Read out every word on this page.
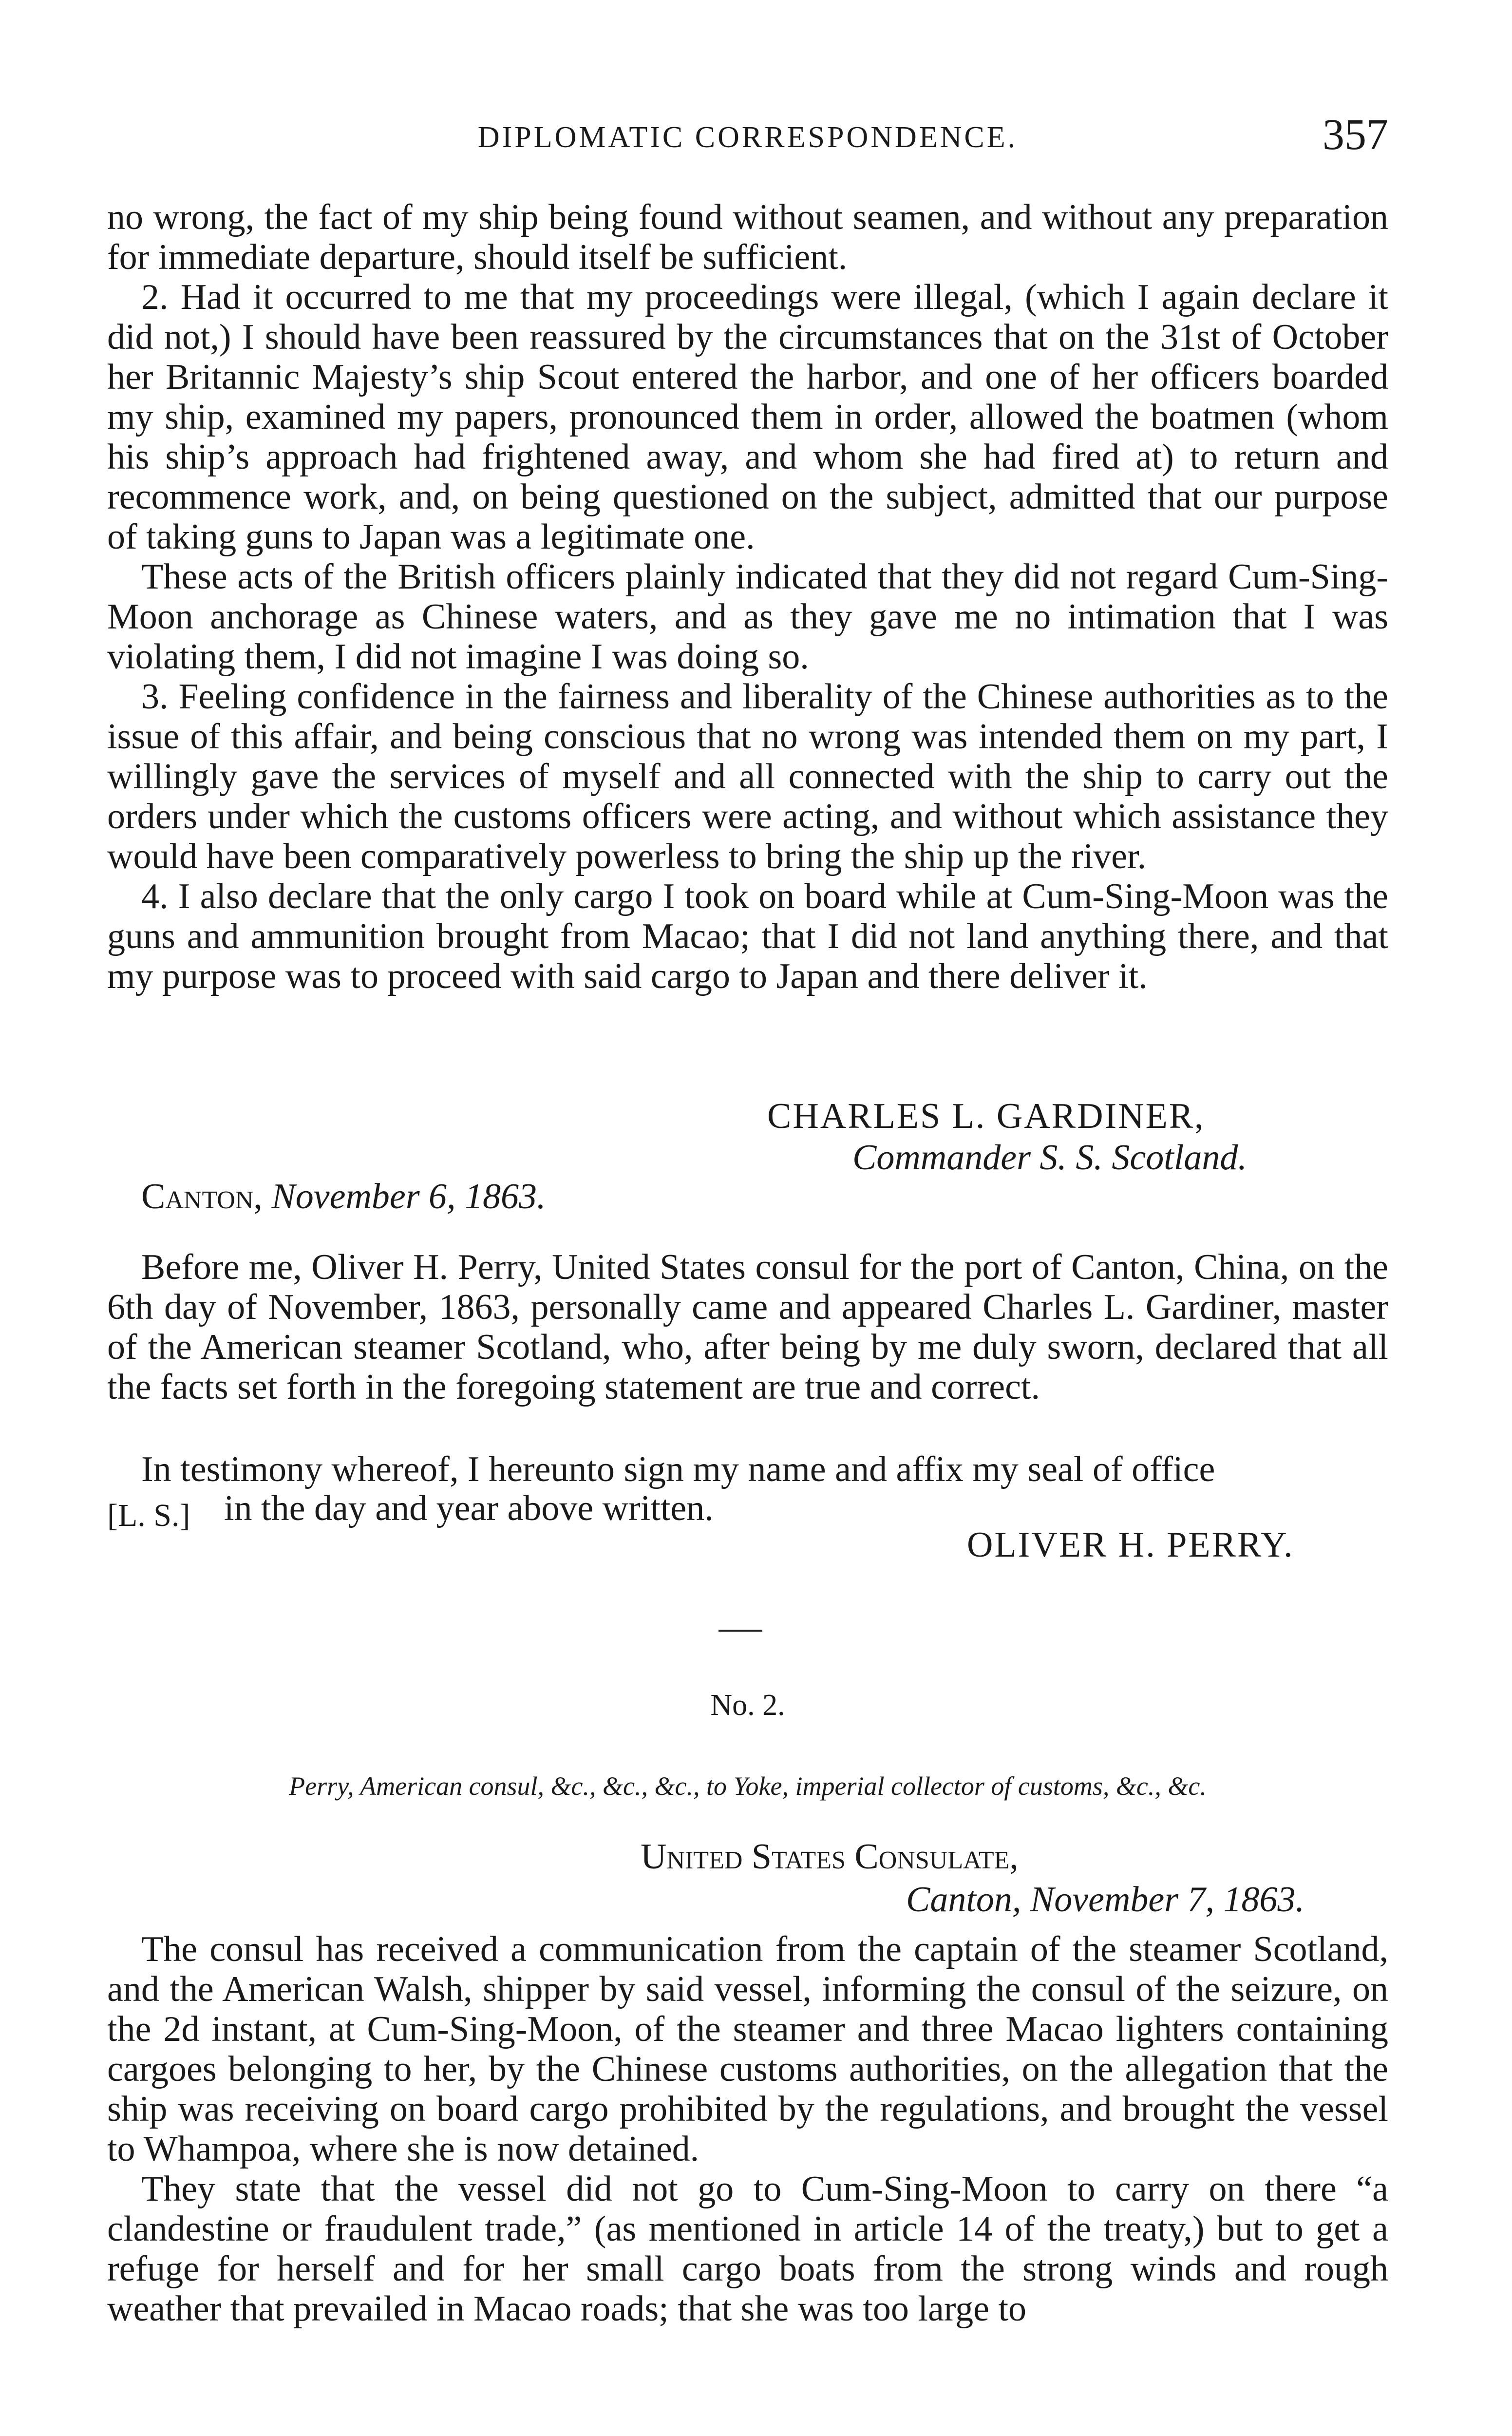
DIPLOMATIC CORRESPONDENCE.	357

no wrong, the fact of my ship being found without seamen, and without any preparation for immediate departure, should itself be sufficient.

2. Had it occurred to me that my proceedings were illegal, (which I again declare it did not,) I should have been reassured by the circumstances that on the 31st of October her Britannic Majesty’s ship Scout entered the harbor, and one of her officers boarded my ship, examined my papers, pronounced them in order, allowed the boatmen (whom his ship’s approach had frightened away, and whom she had fired at) to return and recommence work, and, on being questioned on the subject, admitted that our purpose of taking guns to Japan was a legitimate one.

These acts of the British officers plainly indicated that they did not regard Cum-Sing-Moon anchorage as Chinese waters, and as they gave me no intimation that I was violating them, I did not imagine I was doing so.

3. Feeling confidence in the fairness and liberality of the Chinese authorities as to the issue of this affair, and being conscious that no wrong was intended them on my part, I willingly gave the services of myself and all connected with the ship to carry out the orders under which the customs officers were acting, and without which assistance they would have been comparatively powerless to bring the ship up the river.

4. I also declare that the only cargo I took on board while at Cum-Sing-Moon was the guns and ammunition brought from Macao; that I did not land anything there, and that my purpose was to proceed with said cargo to Japan and there deliver it.

CHARLES L. GARDINER,
Commander S. S. Scotland.
Canton, November 6, 1863.

Before me, Oliver H. Perry, United States consul for the port of Canton, China, on the 6th day of November, 1863, personally came and appeared Charles L. Gardiner, master of the American steamer Scotland, who, after being by me duly sworn, declared that all the facts set forth in the foregoing statement are true and correct.

In testimony whereof, I hereunto sign my name and affix my seal of office
[L. S.] in the day and year above written.
OLIVER H. PERRY.
No. 2.
Perry, American consul, &c., &c., &c., to Yoke, imperial collector of customs, &c., &c.
United States Consulate,
Canton, November 7, 1863.

The consul has received a communication from the captain of the steamer Scotland, and the American Walsh, shipper by said vessel, informing the consul of the seizure, on the 2d instant, at Cum-Sing-Moon, of the steamer and three Macao lighters containing cargoes belonging to her, by the Chinese customs authorities, on the allegation that the ship was receiving on board cargo prohibited by the regulations, and brought the vessel to Whampoa, where she is now detained.

They state that the vessel did not go to Cum-Sing-Moon to carry on there “a clandestine or fraudulent trade,” (as mentioned in article 14 of the treaty,) but to get a refuge for herself and for her small cargo boats from the strong winds and rough weather that prevailed in Macao roads; that she was too large to
